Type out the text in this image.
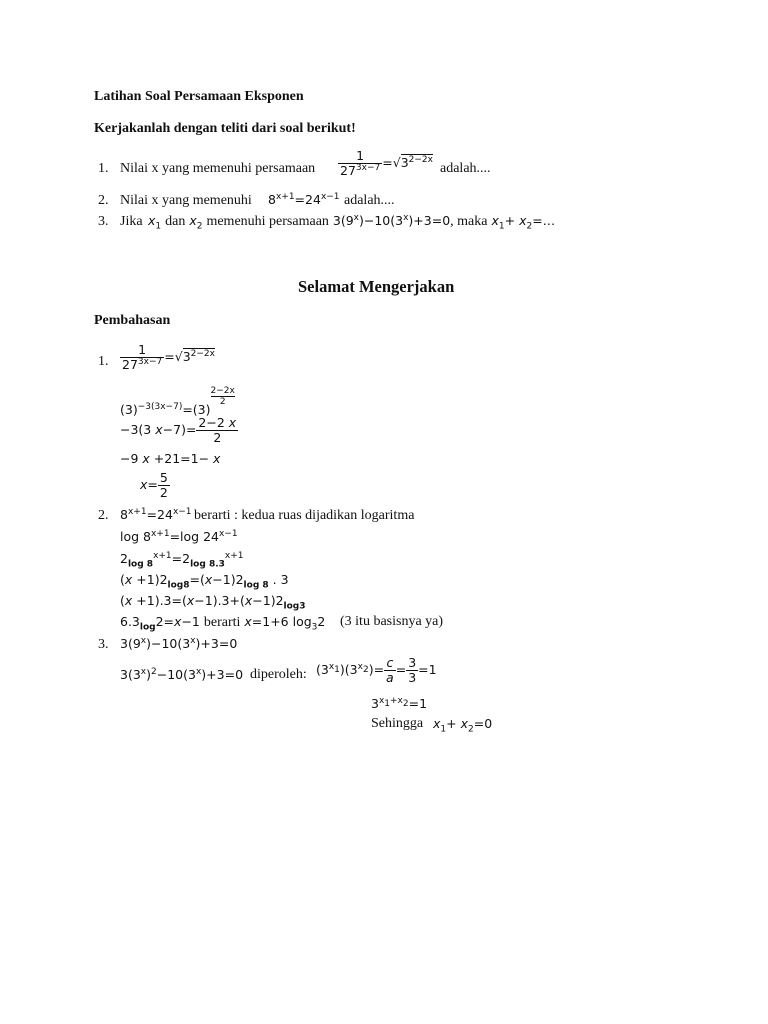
Latihan Soal Persamaan Eksponen
Kerjakanlah dengan teliti dari soal berikut!
1. Nilai x yang memenuhi persamaan $\frac{1}{27^{3x-7}} =√3^{2-2x}$
adalah....
2. Nilai x yang memenuhi $8^{x+1}=24^{x-1}$ adalah....
3. Jika $x_1$ dan $x_2$ memenuhi persamaan $3(9^x)-10(3^x)+3=0$, maka $x_1+$ $x_2=\dots$
Selamat Mengerjakan
Pembahasan
1. $\frac{1}{27^{3x-7}} =√3^{2-2x}$
$(3)^{-3(3x-7)}=(3)$
$\frac{2-2x}{2}$
−3(3 $x-7)= \frac{2-2 x}{2}$
−9 x +21=1− x
$x= \frac{5}{2}$
2. $8^{x+1}=24^{x-1}$ berarti : kedua ruas dijadikan logaritma
$\log 8^{x+1}=\log$ $24^{x-1}$
$2_{log 8}^{x+1}=2_{log 8.3}^{x+1}$
$(x +1)2_{log8}=(x-1)2_{log 8}$ . 3
$(x +1).3=(x-1).3+(x-1)2_{log3}$
$6.3_{log}2=x-1$ berarti x=1+6 $\log_32$ (3 itu basisnya ya)
3. $3(9^x)-10(3^x)+3=0$
$3(3^x)^2-10(3^x)+3=0$ diperoleh: $(3^{x_1})(3^{x_2})= \frac{c}{a} = \frac{3}{3} =1$
$3^{x_1+x_2}=1$
Sehingga $x_1+ x_2=0$
